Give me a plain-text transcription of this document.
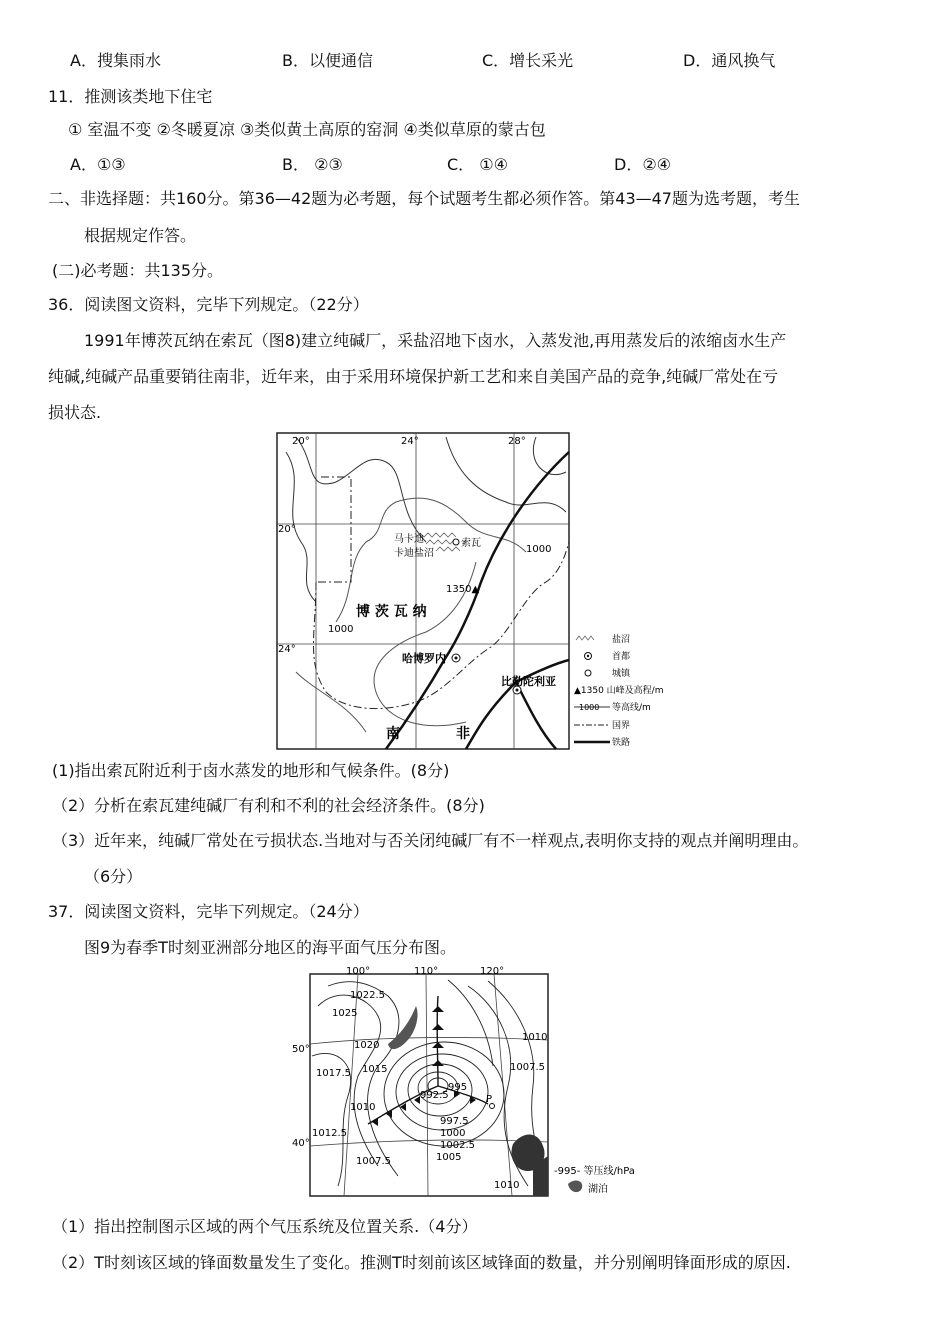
A．搜集雨水	B．以便通信	C．增长采光	D．通风换气
11．推测该类地下住宅
① 室温不变 ②冬暖夏凉 ③类似黄土高原的窑洞 ④类似草原的蒙古包
A．①③	B． ②③	C． ①④	D．②④
二、非选择题：共160分。第36—42题为必考题，每个试题考生都必须作答。第43—47题为选考题，考生
根据规定作答。
(二)必考题：共135分。
36．阅读图文资料，完毕下列规定。（22分）
1991年博茨瓦纳在索瓦（图8)建立纯碱厂，采盐沼地下卤水，入蒸发池,再用蒸发后的浓缩卤水生产
纯碱,纯碱产品重要销往南非，近年来，由于采用环境保护新工艺和来自美国产品的竞争,纯碱厂常处在亏
损状态.
20°	24°	28°
20°
24°
马卡迪
卡迪盐沼
索瓦
1350▲
1000
1000
博 茨 瓦 纳
哈博罗内
比勒陀利亚
南	非
盐沼
首都
城镇
▲1350 山峰及高程/m
1000 等高线/m
国界
铁路
(1)指出索瓦附近利于卤水蒸发的地形和气候条件。(8分)
（2）分析在索瓦建纯碱厂有利和不利的社会经济条件。(8分)
（3）近年来，纯碱厂常处在亏损状态.当地对与否关闭纯碱厂有不一样观点,表明你支持的观点并阐明理由。
（6分）
37．阅读图文资料，完毕下列规定。（24分）
图9为春季T时刻亚洲部分地区的海平面气压分布图。
100°	110°	120°
50°
40°
1022.5
1025
1020
1017.5 1015
1010
1012.5
1007.5
995
992.5
997.5
1000
1002.5
1005
1010
1007.5
1010
P
-995- 等压线/hPa
湖泊
（1）指出控制图示区域的两个气压系统及位置关系.（4分）
（2）T时刻该区域的锋面数量发生了变化。推测T时刻前该区域锋面的数量，并分别阐明锋面形成的原因.
